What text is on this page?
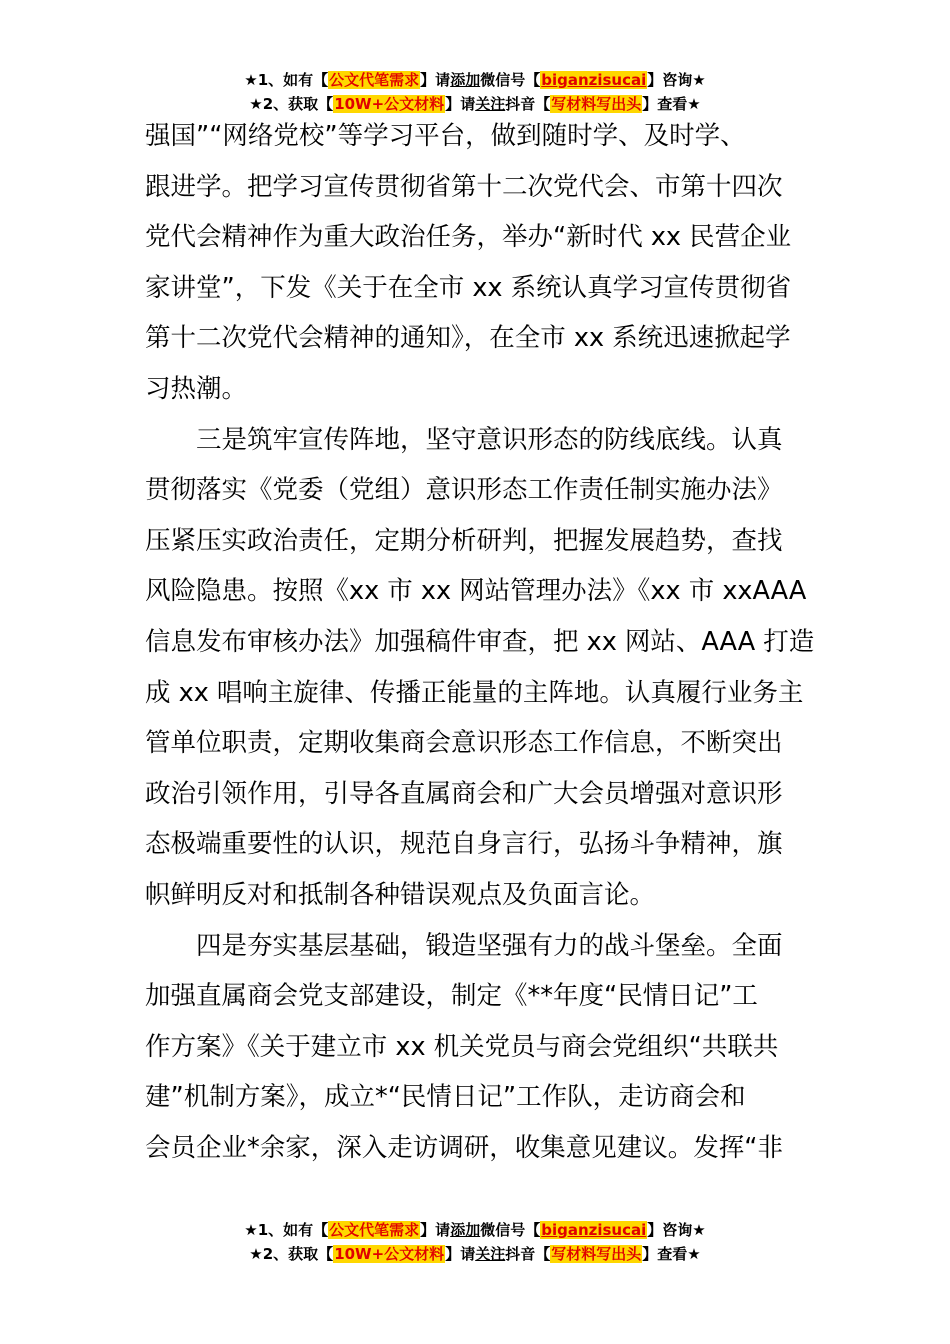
★1、如有【公文代笔需求】请添加微信号【biganzisucai】咨询★
★2、获取【10W+公文材料】请关注抖音【写材料写出头】查看★
强国”“网络党校”等学习平台，做到随时学、及时学、
跟进学。把学习宣传贯彻省第十二次党代会、市第十四次
党代会精神作为重大政治任务，举办“新时代 xx 民营企业
家讲堂”，下发《关于在全市 xx 系统认真学习宣传贯彻省
第十二次党代会精神的通知》，在全市 xx 系统迅速掀起学
习热潮。
三是筑牢宣传阵地，坚守意识形态的防线底线。认真
贯彻落实《党委（党组）意识形态工作责任制实施办法》
压紧压实政治责任，定期分析研判，把握发展趋势，查找
风险隐患。按照《xx 市 xx 网站管理办法》《xx 市 xxAAA
信息发布审核办法》加强稿件审查，把 xx 网站、AAA 打造
成 xx 唱响主旋律、传播正能量的主阵地。认真履行业务主
管单位职责，定期收集商会意识形态工作信息，不断突出
政治引领作用，引导各直属商会和广大会员增强对意识形
态极端重要性的认识，规范自身言行，弘扬斗争精神，旗
帜鲜明反对和抵制各种错误观点及负面言论。
四是夯实基层基础，锻造坚强有力的战斗堡垒。全面
加强直属商会党支部建设，制定《**年度“民情日记”工
作方案》《关于建立市 xx 机关党员与商会党组织“共联共
建”机制方案》，成立*“民情日记”工作队，走访商会和
会员企业*余家，深入走访调研，收集意见建议。发挥“非
★1、如有【公文代笔需求】请添加微信号【biganzisucai】咨询★
★2、获取【10W+公文材料】请关注抖音【写材料写出头】查看★
